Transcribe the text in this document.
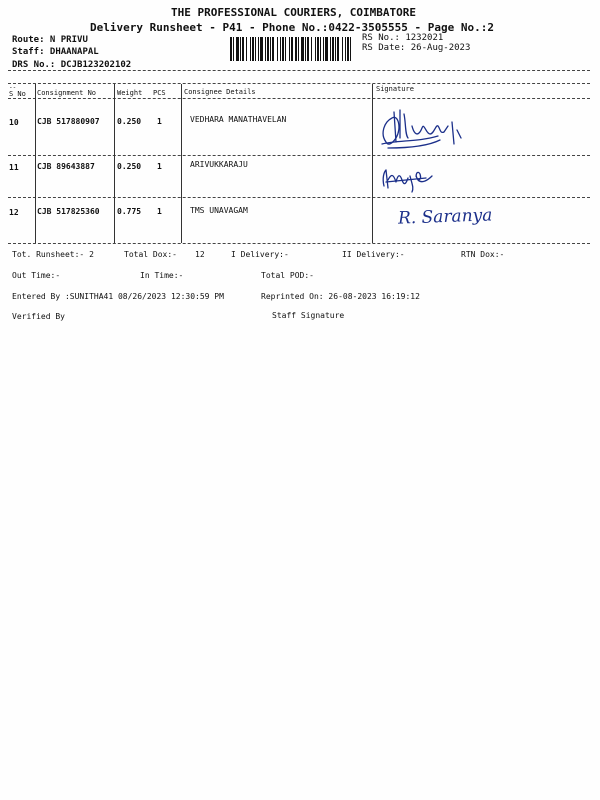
THE PROFESSIONAL COURIERS, COIMBATORE
Delivery Runsheet - P41 - Phone No.:0422-3505555 - Page No.:2
Route: N PRIVU
Staff: DHAANAPAL
DRS No.: DCJB123202102
RS No.: 1232021
RS Date: 26-Aug-2023
--
S No Consignment No	Weight PCS	Consignee Details	Signature
10 CJB 517880907 0.250 1	VEDHARA MANATHAVELAN
11 CJB 89643887	0.250 1	ARIVUKKARAJU
12 CJB 517825360 0.775 1	TMS UNAVAGAM	R. Saranya
Tot. Runsheet:- 2	Total Dox:- 12	I Delivery:-	II Delivery:-	RTN Dox:-
Out Time:-	In Time:-	Total POD:-
Entered By :SUNITHA41 08/26/2023 12:30:59 PM	Reprinted On: 26-08-2023 16:19:12
Verified By	Staff Signature
